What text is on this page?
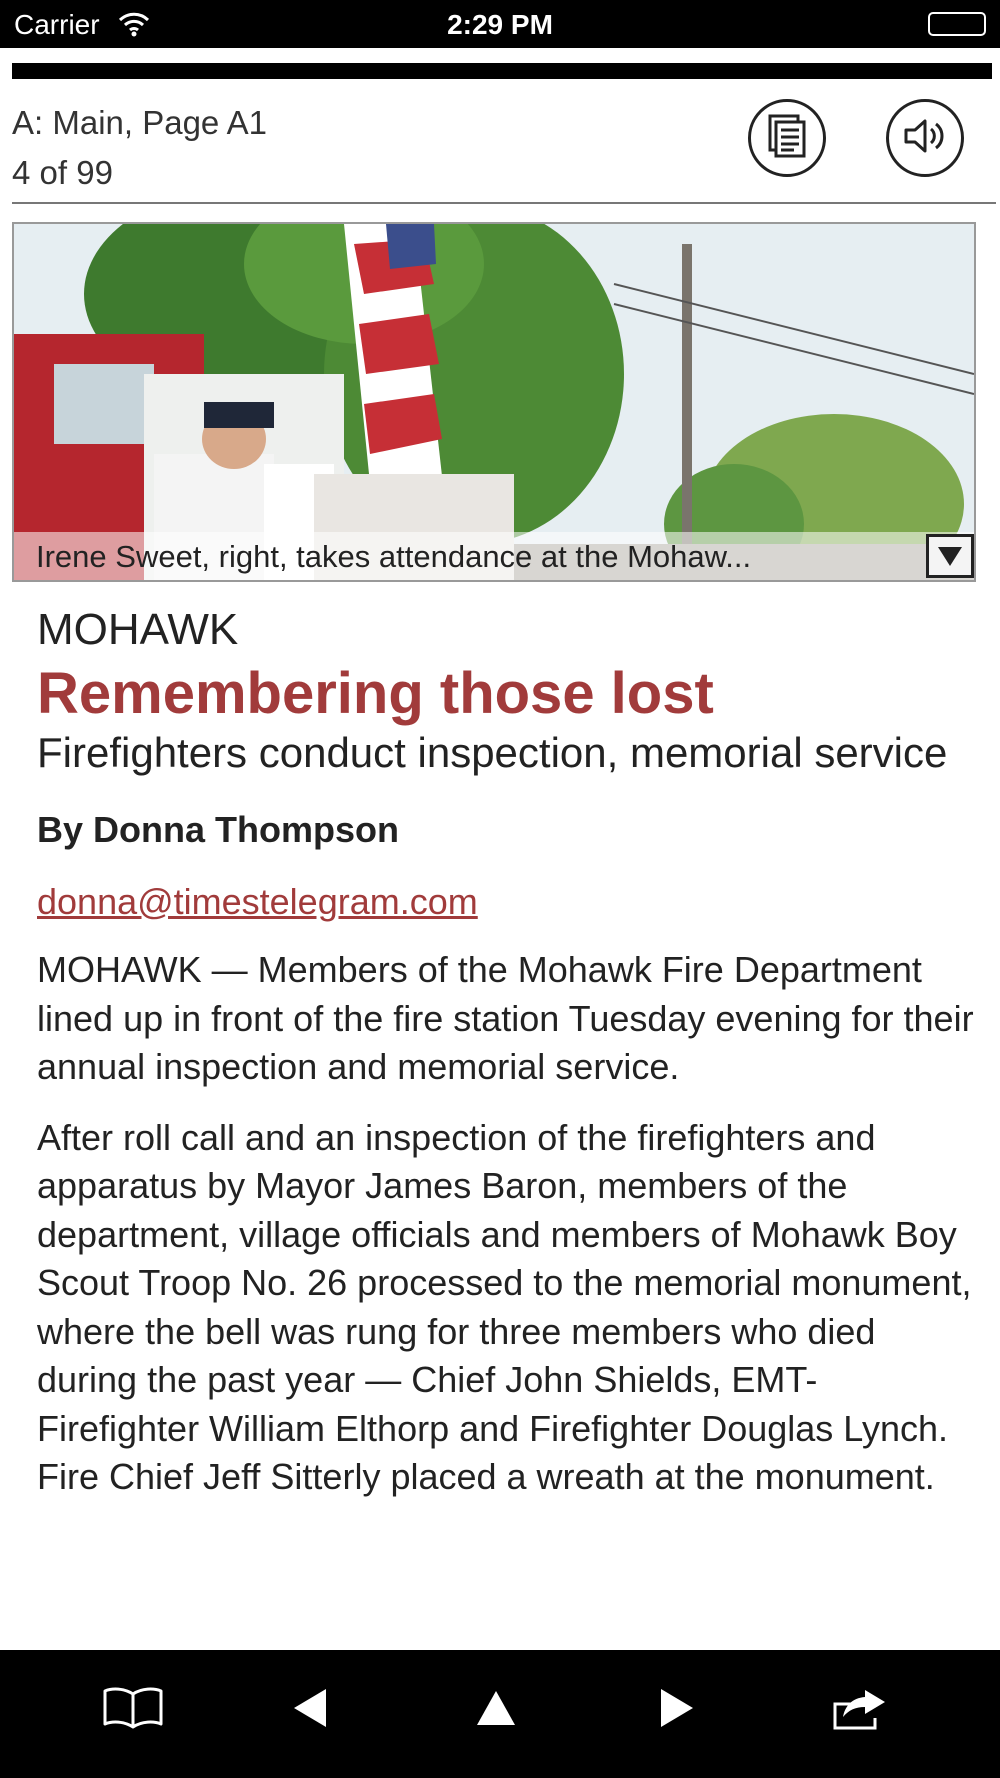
Carrier	2:29 PM
A: Main, Page A1
4 of 99
Irene Sweet, right, takes attendance at the Mohaw...
MOHAWK
Remembering those lost
Firefighters conduct inspection, memorial service
By Donna Thompson
donna@timestelegram.com

MOHAWK — Members of the Mohawk Fire Department lined up in front of the fire station Tuesday evening for their annual inspection and memorial service.

After roll call and an inspection of the firefighters and apparatus by Mayor James Baron, members of the department, village officials and members of Mohawk Boy Scout Troop No. 26 processed to the memorial monument, where the bell was rung for three members who died during the past year — Chief John Shields, EMT-Firefighter William Elthorp and Firefighter Douglas Lynch. Fire Chief Jeff Sitterly placed a wreath at the monument.
